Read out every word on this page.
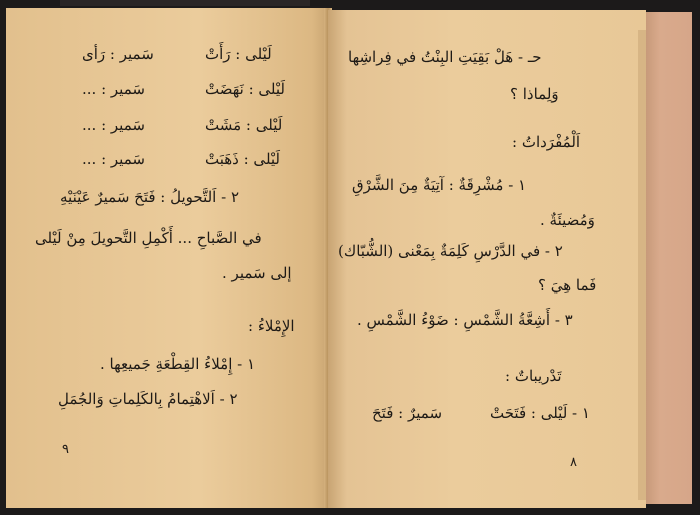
سَمير : رَأى	لَيْلى : رَأَتْ
لَيْلى : نَهَضَتْ
سَمير : ...
لَيْلى : مَشَتْ
سَمير : ...
لَيْلى : ذَهَبَتْ
سَمير : ...
٢ - اَلتَّحويلُ : فَتَحَ سَميرٌ عَيْنَيْهِ
في الصَّباحِ ... أَكْمِلِ التَّحويلَ مِنْ لَيْلى
إلى سَمير .
الإِمْلاءُ :
١ - إِمْلاءُ القِطْعَةِ جَميعِها .
٢ - اَلاهْتِمامُ بِالكَلِماتِ وَالجُمَلِ
٩
حـ - هَلْ بَقِيَتِ البِنْتُ في فِراشِها
وَلِماذا ؟
اَلْمُفْرَداتُ :
١ - مُشْرِقَةٌ : آتِيَةٌ مِنَ الشَّرْقِ
وَمُضيئَةٌ .
٢ - في الدَّرْسِ كَلِمَةٌ بِمَعْنى (الشُّبّاك)
فَما هِيَ ؟
٣ - أَشِعَّةُ الشَّمْسِ : ضَوْءُ الشَّمْسِ .
تَدْريباتٌ :
١ - لَيْلى : فَتَحَتْ
سَميرٌ : فَتَحَ
٨
